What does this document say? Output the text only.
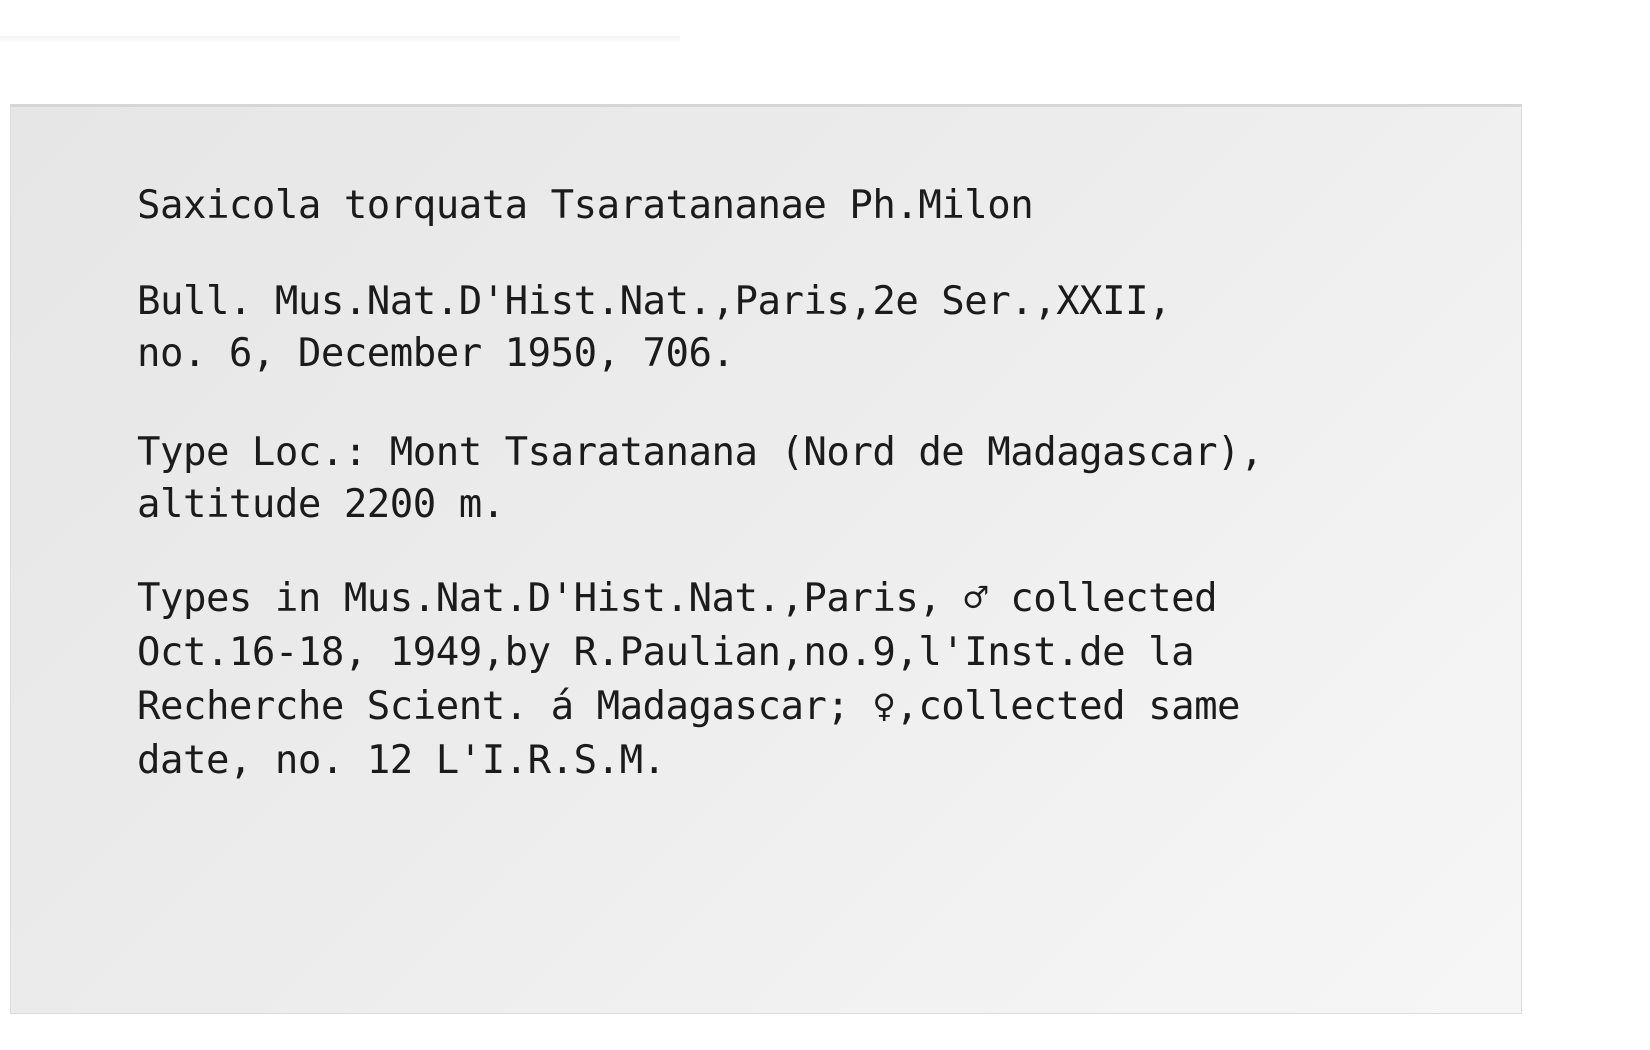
Saxicola torquata Tsaratananae Ph.Milon
Bull. Mus.Nat.D'Hist.Nat.,Paris,2e Ser.,XXII,
no. 6, December 1950, 706.
Type Loc.: Mont Tsaratanana (Nord de Madagascar),
altitude 2200 m.
Types in Mus.Nat.D'Hist.Nat.,Paris, ♂ collected
Oct.16-18, 1949,by R.Paulian,no.9,l'Inst.de la
Recherche Scient. á Madagascar; ♀,collected same
date, no. 12 L'I.R.S.M.
